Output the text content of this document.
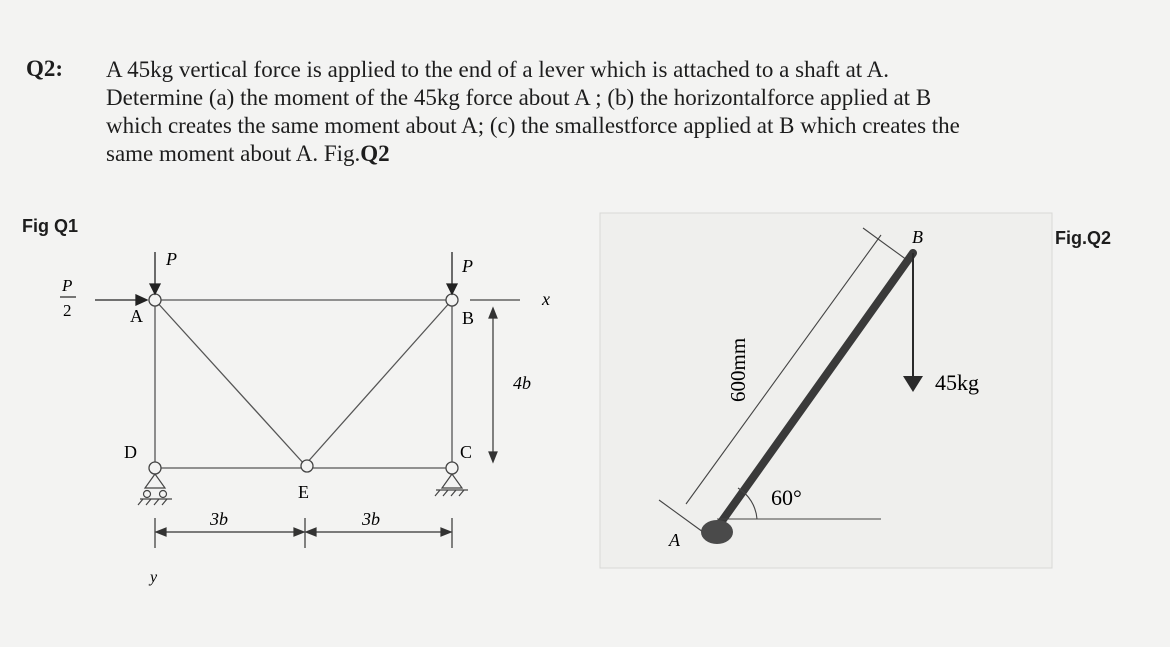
Q2: A 45kg vertical force is applied to the end of a lever which is attached to a shaft at A.
Determine (a) the moment of the 45kg force about A ; (b) the horizontalforce applied at B
which creates the same moment about A; (c) the smallestforce applied at B which creates the
same moment about A. Fig.Q2
Fig Q1
Fig.Q2
P	P
P
2	A	B
C
D
E
x
y
4b
3b	3b
600mm
A
B
60°
45kg
